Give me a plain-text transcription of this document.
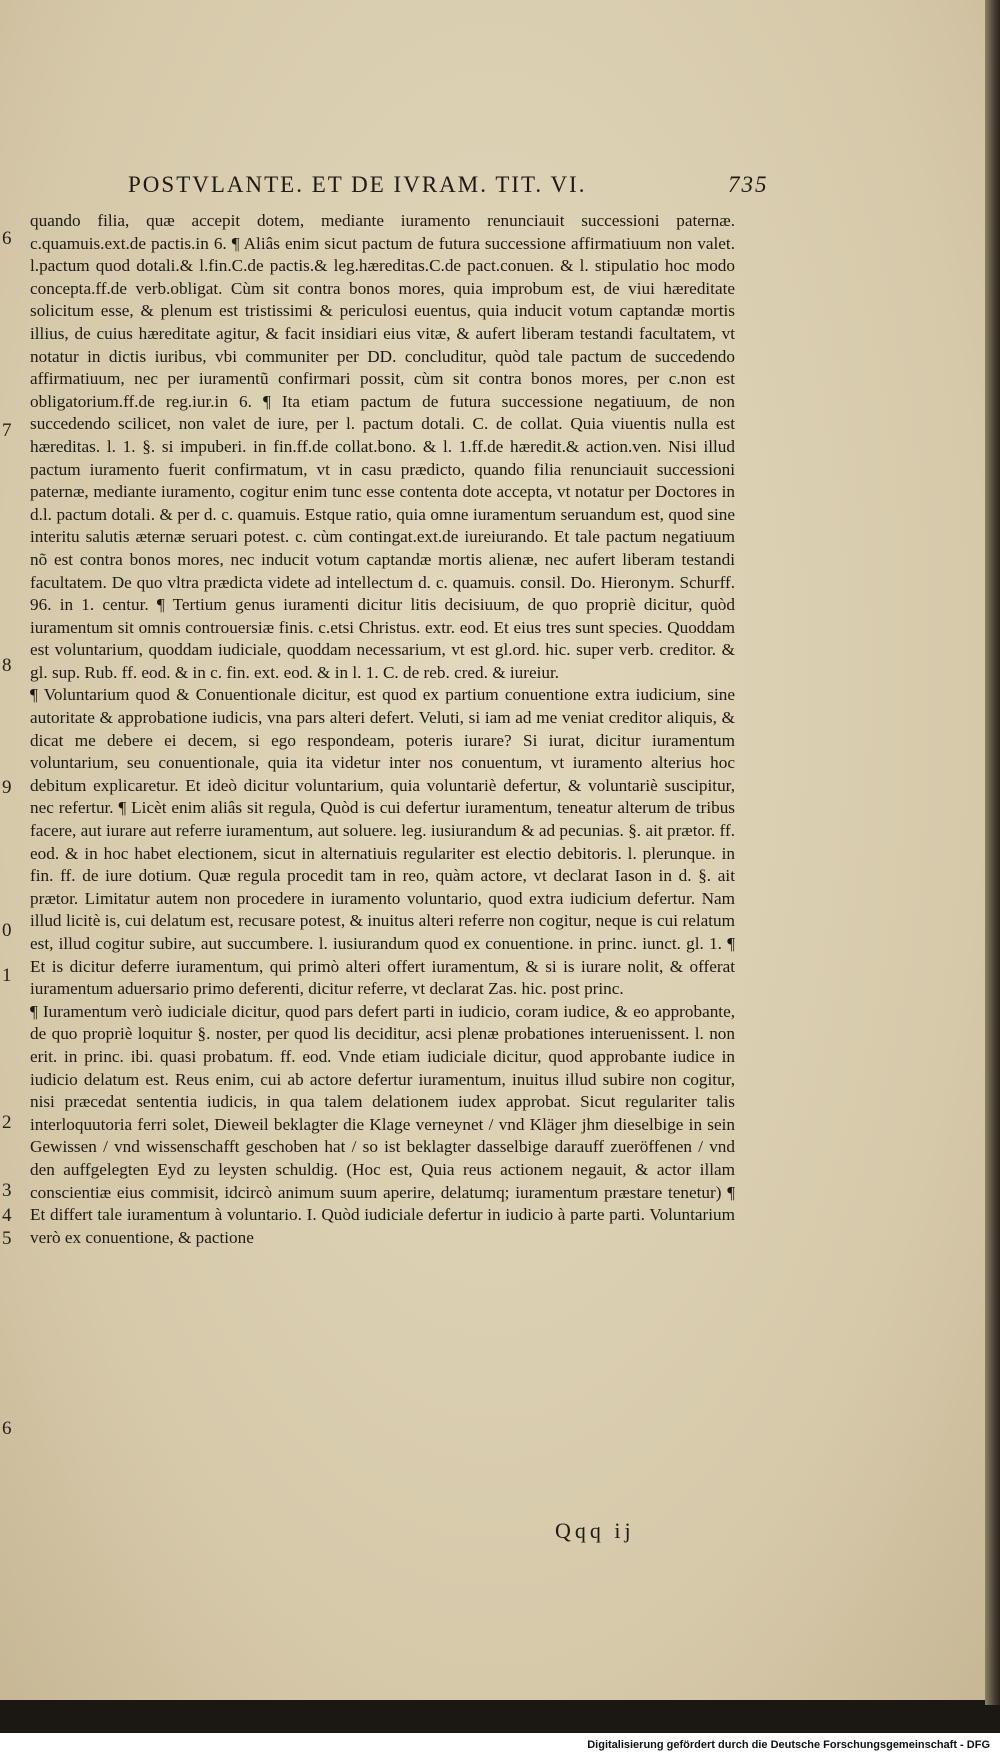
POSTVLANTE. ET DE IVRAM. TIT. VI.	735
6
7
8
9
0
1
2
3
4
5
6

quando filia, quæ accepit dotem, mediante iuramento renunciauit successioni paternæ. c.quamuis.ext.de pactis.in 6. ¶ Aliâs enim sicut pactum de futura successione affirmatiuum non valet. l.pactum quod dotali.& l.fin.C.de pactis.& leg.hæreditas.C.de pact.conuen. & l. stipulatio hoc modo concepta.ff.de verb.obligat. Cùm sit contra bonos mores, quia improbum est, de viui hæreditate solicitum esse, & plenum est tristissimi & periculosi euentus, quia inducit votum captandæ mortis illius, de cuius hæreditate agitur, & facit insidiari eius vitæ, & aufert liberam testandi facultatem, vt notatur in dictis iuribus, vbi communiter per DD. concluditur, quòd tale pactum de succedendo affirmatiuum, nec per iuramentũ confirmari possit, cùm sit contra bonos mores, per c.non est obligatorium.ff.de reg.iur.in 6. ¶ Ita etiam pactum de futura successione negatiuum, de non succedendo scilicet, non valet de iure, per l. pactum dotali. C. de collat. Quia viuentis nulla est hæreditas. l. 1. §. si impuberi. in fin.ff.de collat.bono. & l. 1.ff.de hæredit.& action.ven. Nisi illud pactum iuramento fuerit confirmatum, vt in casu prædicto, quando filia renunciauit successioni paternæ, mediante iuramento, cogitur enim tunc esse contenta dote accepta, vt notatur per Doctores in d.l. pactum dotali. & per d. c. quamuis. Estque ratio, quia omne iuramentum seruandum est, quod sine interitu salutis æternæ seruari potest. c. cùm contingat.ext.de iureiurando. Et tale pactum negatiuum nõ est contra bonos mores, nec inducit votum captandæ mortis alienæ, nec aufert liberam testandi facultatem. De quo vltra prædicta videte ad intellectum d. c. quamuis. consil. Do. Hieronym. Schurff. 96. in 1. centur. ¶ Tertium genus iuramenti dicitur litis decisiuum, de quo propriè dicitur, quòd iuramentum sit omnis controuersiæ finis. c.etsi Christus. extr. eod. Et eius tres sunt species. Quoddam est voluntarium, quoddam iudiciale, quoddam necessarium, vt est gl.ord. hic. super verb. creditor. & gl. sup. Rub. ff. eod. & in c. fin. ext. eod. & in l. 1. C. de reb. cred. & iureiur.

¶ Voluntarium quod & Conuentionale dicitur, est quod ex partium conuentione extra iudicium, sine autoritate & approbatione iudicis, vna pars alteri defert. Veluti, si iam ad me veniat creditor aliquis, & dicat me debere ei decem, si ego respondeam, poteris iurare? Si iurat, dicitur iuramentum voluntarium, seu conuentionale, quia ita videtur inter nos conuentum, vt iuramento alterius hoc debitum explicaretur. Et ideò dicitur voluntarium, quia voluntariè defertur, & voluntariè suscipitur, nec refertur. ¶ Licèt enim aliâs sit regula, Quòd is cui defertur iuramentum, teneatur alterum de tribus facere, aut iurare aut referre iuramentum, aut soluere. leg. iusiurandum & ad pecunias. §. ait prætor. ff. eod. & in hoc habet electionem, sicut in alternatiuis regulariter est electio debitoris. l. plerunque. in fin. ff. de iure dotium. Quæ regula procedit tam in reo, quàm actore, vt declarat Iason in d. §. ait prætor. Limitatur autem non procedere in iuramento voluntario, quod extra iudicium defertur. Nam illud licitè is, cui delatum est, recusare potest, & inuitus alteri referre non cogitur, neque is cui relatum est, illud cogitur subire, aut succumbere. l. iusiurandum quod ex conuentione. in princ. iunct. gl. 1. ¶ Et is dicitur deferre iuramentum, qui primò alteri offert iuramentum, & si is iurare nolit, & offerat iuramentum aduersario primo deferenti, dicitur referre, vt declarat Zas. hic. post princ.

¶ Iuramentum verò iudiciale dicitur, quod pars defert parti in iudicio, coram iudice, & eo approbante, de quo propriè loquitur §. noster, per quod lis deciditur, acsi plenæ probationes interuenissent. l. non erit. in princ. ibi. quasi probatum. ff. eod. Vnde etiam iudiciale dicitur, quod approbante iudice in iudicio delatum est. Reus enim, cui ab actore defertur iuramentum, inuitus illud subire non cogitur, nisi præcedat sententia iudicis, in qua talem delationem iudex approbat. Sicut regulariter talis interloquutoria ferri solet, Dieweil beklagter die Klage verneynet / vnd Kläger jhm dieselbige in sein Gewissen / vnd wissenschafft geschoben hat / so ist beklagter dasselbige darauff zueröffenen / vnd den auffgelegten Eyd zu leysten schuldig. (Hoc est, Quia reus actionem negauit, & actor illam conscientiæ eius commisit, idcircò animum suum aperire, delatumq; iuramentum præstare tenetur) ¶ Et differt tale iuramentum à voluntario. I. Quòd iudiciale defertur in iudicio à parte parti. Voluntarium verò ex conuentione, & pactione

Qqq ij
Digitalisierung gefördert durch die Deutsche Forschungsgemeinschaft - DFG
